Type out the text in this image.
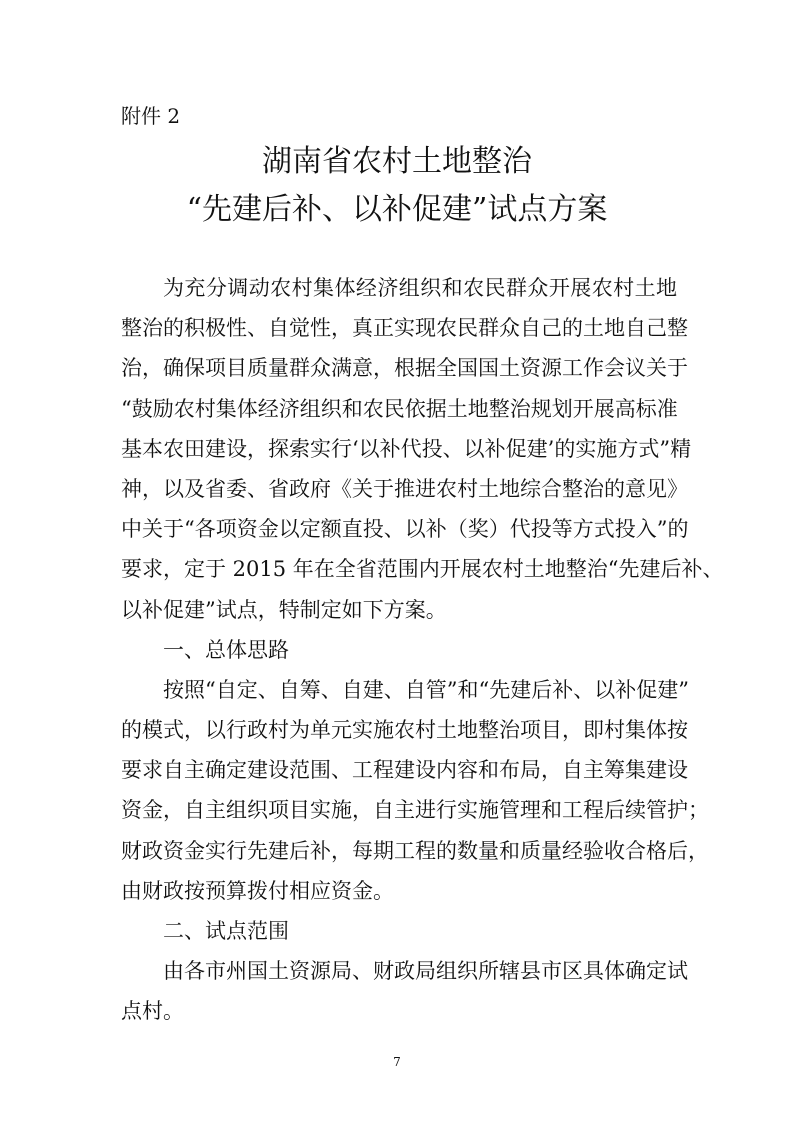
附件 2
湖南省农村土地整治
“先建后补、以补促建”试点方案
为充分调动农村集体经济组织和农民群众开展农村土地
整治的积极性、自觉性，真正实现农民群众自己的土地自己整
治，确保项目质量群众满意，根据全国国土资源工作会议关于
“鼓励农村集体经济组织和农民依据土地整治规划开展高标准
基本农田建设，探索实行‘以补代投、以补促建’的实施方式”精
神，以及省委、省政府《关于推进农村土地综合整治的意见》
中关于“各项资金以定额直投、以补（奖）代投等方式投入”的
要求，定于 2015 年在全省范围内开展农村土地整治“先建后补、
以补促建”试点，特制定如下方案。
一、总体思路
按照“自定、自筹、自建、自管”和“先建后补、以补促建”
的模式，以行政村为单元实施农村土地整治项目，即村集体按
要求自主确定建设范围、工程建设内容和布局，自主筹集建设
资金，自主组织项目实施，自主进行实施管理和工程后续管护；
财政资金实行先建后补，每期工程的数量和质量经验收合格后，
由财政按预算拨付相应资金。
二、试点范围
由各市州国土资源局、财政局组织所辖县市区具体确定试
点村。
7
